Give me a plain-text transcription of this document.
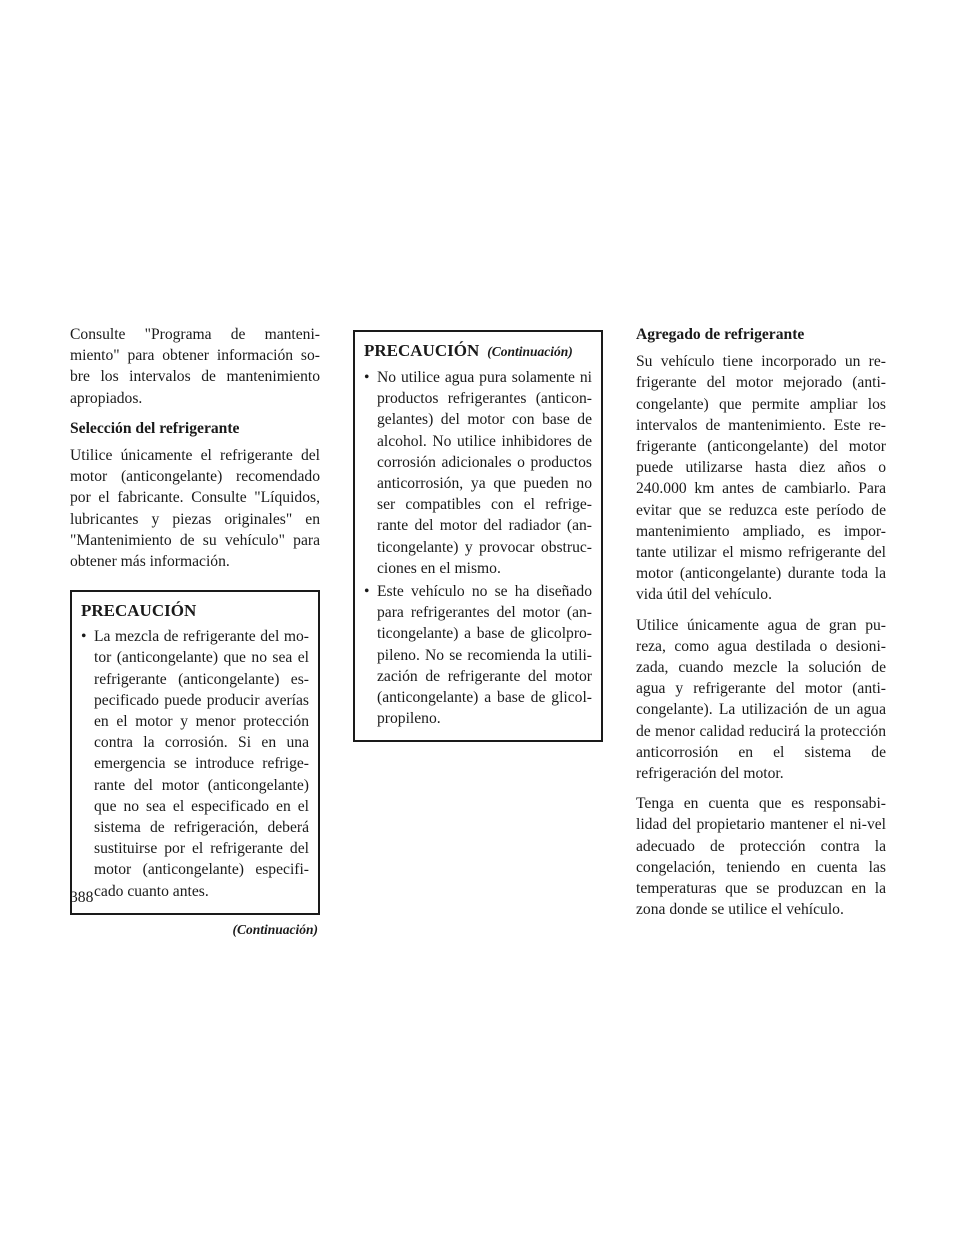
Consulte "Programa de manteni-miento" para obtener información so-bre los intervalos de mantenimiento apropiados.

Selección del refrigerante

Utilice únicamente el refrigerante del motor (anticongelante) recomendado por el fabricante. Consulte "Líquidos, lubricantes y piezas originales" en "Mantenimiento de su vehículo" para obtener más información.

PRECAUCIÓN
• La mezcla de refrigerante del mo-tor (anticongelante) que no sea el refrigerante (anticongelante) es-pecificado puede producir averías en el motor y menor protección contra la corrosión. Si en una emergencia se introduce refrige-rante del motor (anticongelante) que no sea el especificado en el sistema de refrigeración, deberá sustituirse por el refrigerante del motor (anticongelante) especifi-cado cuanto antes.
(Continuación)
PRECAUCIÓN (Continuación)
• No utilice agua pura solamente ni productos refrigerantes (anticon-gelantes) del motor con base de alcohol. No utilice inhibidores de corrosión adicionales o productos anticorrosión, ya que pueden no ser compatibles con el refrige-rante del motor del radiador (an-ticongelante) y provocar obstruc-ciones en el mismo.
• Este vehículo no se ha diseñado para refrigerantes del motor (an-ticongelante) a base de glicolpro-pileno. No se recomienda la utili-zación de refrigerante del motor (anticongelante) a base de glicol-propileno.
Agregado de refrigerante

Su vehículo tiene incorporado un re-frigerante del motor mejorado (anti-congelante) que permite ampliar los intervalos de mantenimiento. Este re-frigerante (anticongelante) del motor puede utilizarse hasta diez años o 240.000 km antes de cambiarlo. Para evitar que se reduzca este período de mantenimiento ampliado, es impor-tante utilizar el mismo refrigerante del motor (anticongelante) durante toda la vida útil del vehículo.

Utilice únicamente agua de gran pu-reza, como agua destilada o desioni-zada, cuando mezcle la solución de agua y refrigerante del motor (anti-congelante). La utilización de un agua de menor calidad reducirá la protección anticorrosión en el sistema de refrigeración del motor.

Tenga en cuenta que es responsabi-lidad del propietario mantener el ni-vel adecuado de protección contra la congelación, teniendo en cuenta las temperaturas que se produzcan en la zona donde se utilice el vehículo.

388
